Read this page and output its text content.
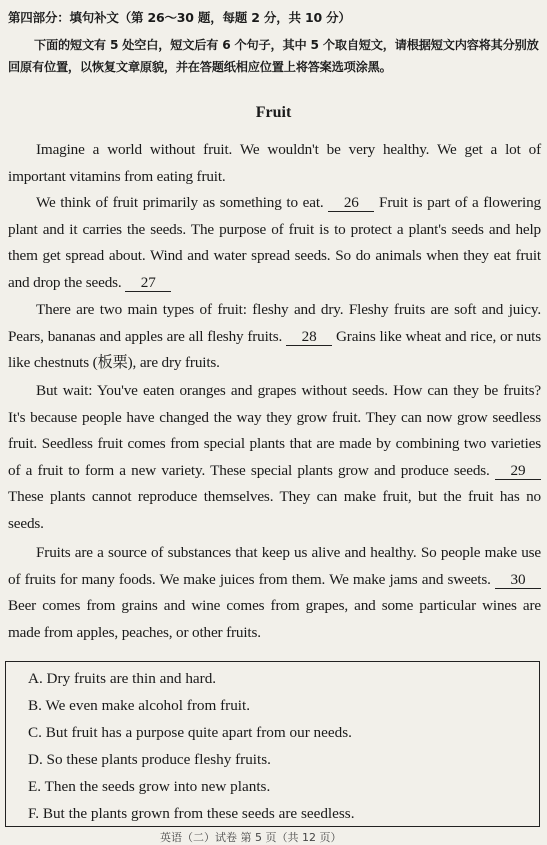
第四部分：填句补文（第 26～30 题，每题 2 分，共 10 分）
下面的短文有 5 处空白，短文后有 6 个句子，其中 5 个取自短文，请根据短文内容将其分别放回原有位置，以恢复文章原貌，并在答题纸相应位置上将答案选项涂黑。
Fruit
Imagine a world without fruit. We wouldn't be very healthy. We get a lot of important vitamins from eating fruit.
We think of fruit primarily as something to eat. 26 Fruit is part of a flowering plant and it carries the seeds. The purpose of fruit is to protect a plant's seeds and help them get spread about. Wind and water spread seeds. So do animals when they eat fruit and drop the seeds. 27
There are two main types of fruit: fleshy and dry. Fleshy fruits are soft and juicy. Pears, bananas and apples are all fleshy fruits. 28 Grains like wheat and rice, or nuts like chestnuts (板栗), are dry fruits.
But wait: You've eaten oranges and grapes without seeds. How can they be fruits? It's because people have changed the way they grow fruit. They can now grow seedless fruit. Seedless fruit comes from special plants that are made by combining two varieties of a fruit to form a new variety. These special plants grow and produce seeds. 29 These plants cannot reproduce themselves. They can make fruit, but the fruit has no seeds.
Fruits are a source of substances that keep us alive and healthy. So people make use of fruits for many foods. We make juices from them. We make jams and sweets. 30 Beer comes from grains and wine comes from grapes, and some particular wines are made from apples, peaches, or other fruits.
A. Dry fruits are thin and hard.
B. We even make alcohol from fruit.
C. But fruit has a purpose quite apart from our needs.
D. So these plants produce fleshy fruits.
E. Then the seeds grow into new plants.
F. But the plants grown from these seeds are seedless.
英语（二）试卷 第 5 页（共 12 页）
